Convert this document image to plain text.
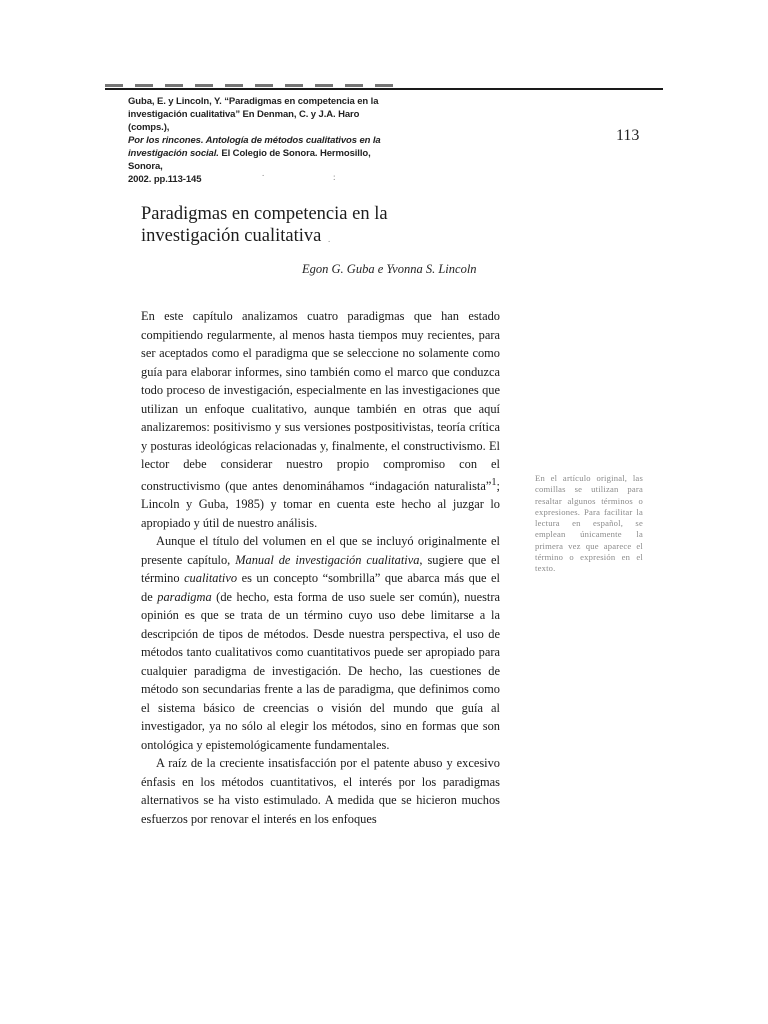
Guba, E. y Lincoln, Y. “Paradigmas en competencia en la

investigación cualitativa” En Denman, C. y J.A. Haro (comps.),

Por los rincones. Antología de métodos cualitativos en la

investigación social. El Colegio de Sonora. Hermosillo, Sonora,

2002. pp.113-145

113
.	:
.
Paradigmas en competencia en la
investigación cualitativa
Egon G. Guba e Yvonna S. Lincoln

En este capítulo analizamos cuatro paradigmas que han estado compitiendo regularmente, al menos hasta tiempos muy recientes, para ser aceptados como el paradigma que se seleccione no solamente como guía para elaborar informes, sino también como el marco que conduzca todo proceso de investigación, especialmente en las investigaciones que utilizan un enfoque cualitativo, aunque también en otras que aquí analizaremos: positivismo y sus versiones postpositivistas, teoría crítica y posturas ideológicas relacionadas y, finalmente, el constructivismo. El lector debe considerar nuestro propio compromiso con el constructivismo (que antes denomináhamos “indagación naturalista”$^1$; Lincoln y Guba, 1985) y tomar en cuenta este hecho al juzgar lo apropiado y útil de nuestro análisis.

Aunque el título del volumen en el que se incluyó originalmente el presente capítulo, Manual de investigación cualitativa, sugiere que el término cualitativo es un concepto “sombrilla” que abarca más que el de paradigma (de hecho, esta forma de uso suele ser común), nuestra opinión es que se trata de un término cuyo uso debe limitarse a la descripción de tipos de métodos. Desde nuestra perspectiva, el uso de métodos tanto cualitativos como cuantitativos puede ser apropiado para cualquier paradigma de investigación. De hecho, las cuestiones de método son secundarias frente a las de paradigma, que definimos como el sistema básico de creencias o visión del mundo que guía al investigador, ya no sólo al elegir los métodos, sino en formas que son ontológica y epistemológicamente fundamentales.

A raíz de la creciente insatisfacción por el patente abuso y excesivo énfasis en los métodos cuantitativos, el interés por los paradigmas alternativos se ha visto estimulado. A medida que se hicieron muchos esfuerzos por renovar el interés en los enfoques

En el artículo original, las comillas se utilizan para resaltar algunos términos o expresiones. Para facilitar la lectura en español, se emplean únicamente la primera vez que aparece el término o expresión en el texto.
